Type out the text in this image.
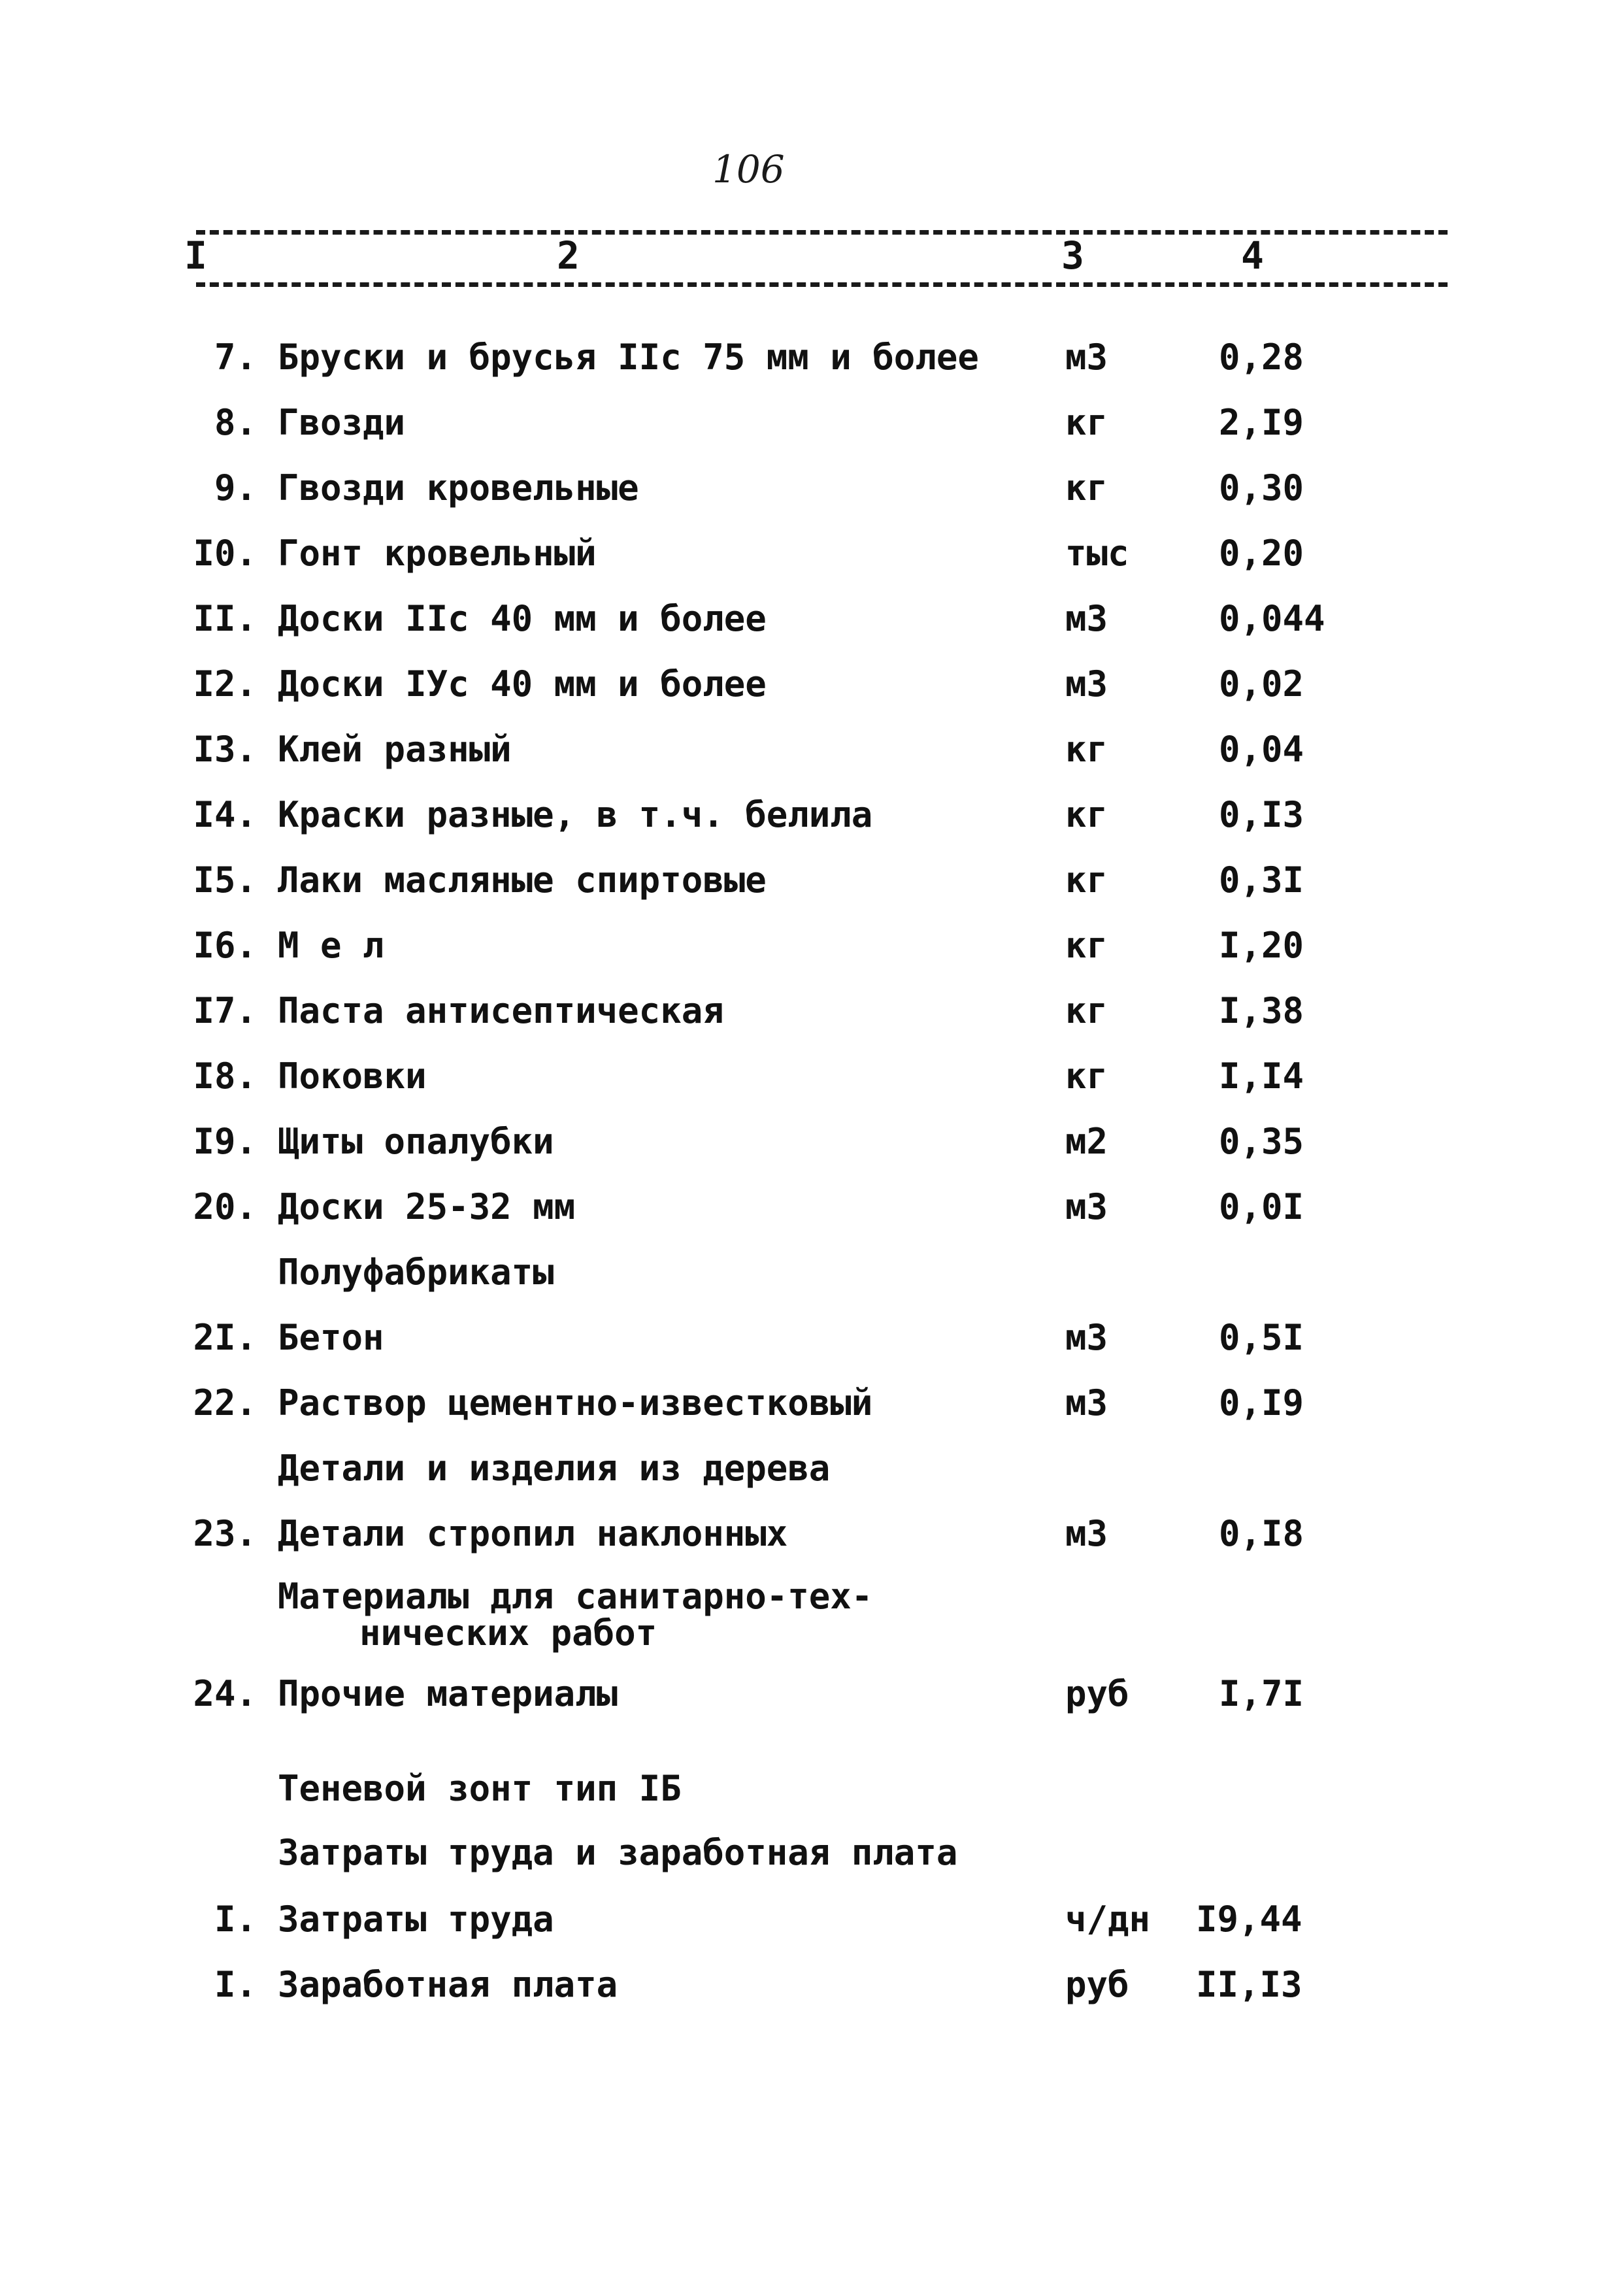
106
I	2	3	4
7. Бруски и брусья IIс 75 мм и более м3	0,28
8. Гвозди	кг	2,I9
9. Гвозди кровельные	кг	0,30
I0. Гонт кровельный	тыс	0,20
II. Доски IIс 40 мм и более	м3	0,044
I2. Доски IУс 40 мм и более	м3	0,02
I3. Клей разный	кг	0,04
I4. Краски разные, в т.ч. белила	кг	0,I3
I5. Лаки масляные спиртовые	кг	0,3I
I6. М е л	кг	I,20
I7. Паста антисептическая	кг	I,38
I8. Поковки	кг	I,I4
I9. Щиты опалубки	м2	0,35
20. Доски 25-32 мм	м3	0,0I
Полуфабрикаты
2I. Бетон	м3	0,5I
22. Раствор цементно-известковый	м3	0,I9
Детали и изделия из дерева
23. Детали стропил наклонных	м3	0,I8
Материалы для санитарно-тех-
нических работ
24. Прочие материалы	руб	I,7I
Теневой зонт тип IБ
Затраты труда и заработная плата
I. Затраты труда	ч/дн I9,44
I. Заработная плата	руб II,I3
